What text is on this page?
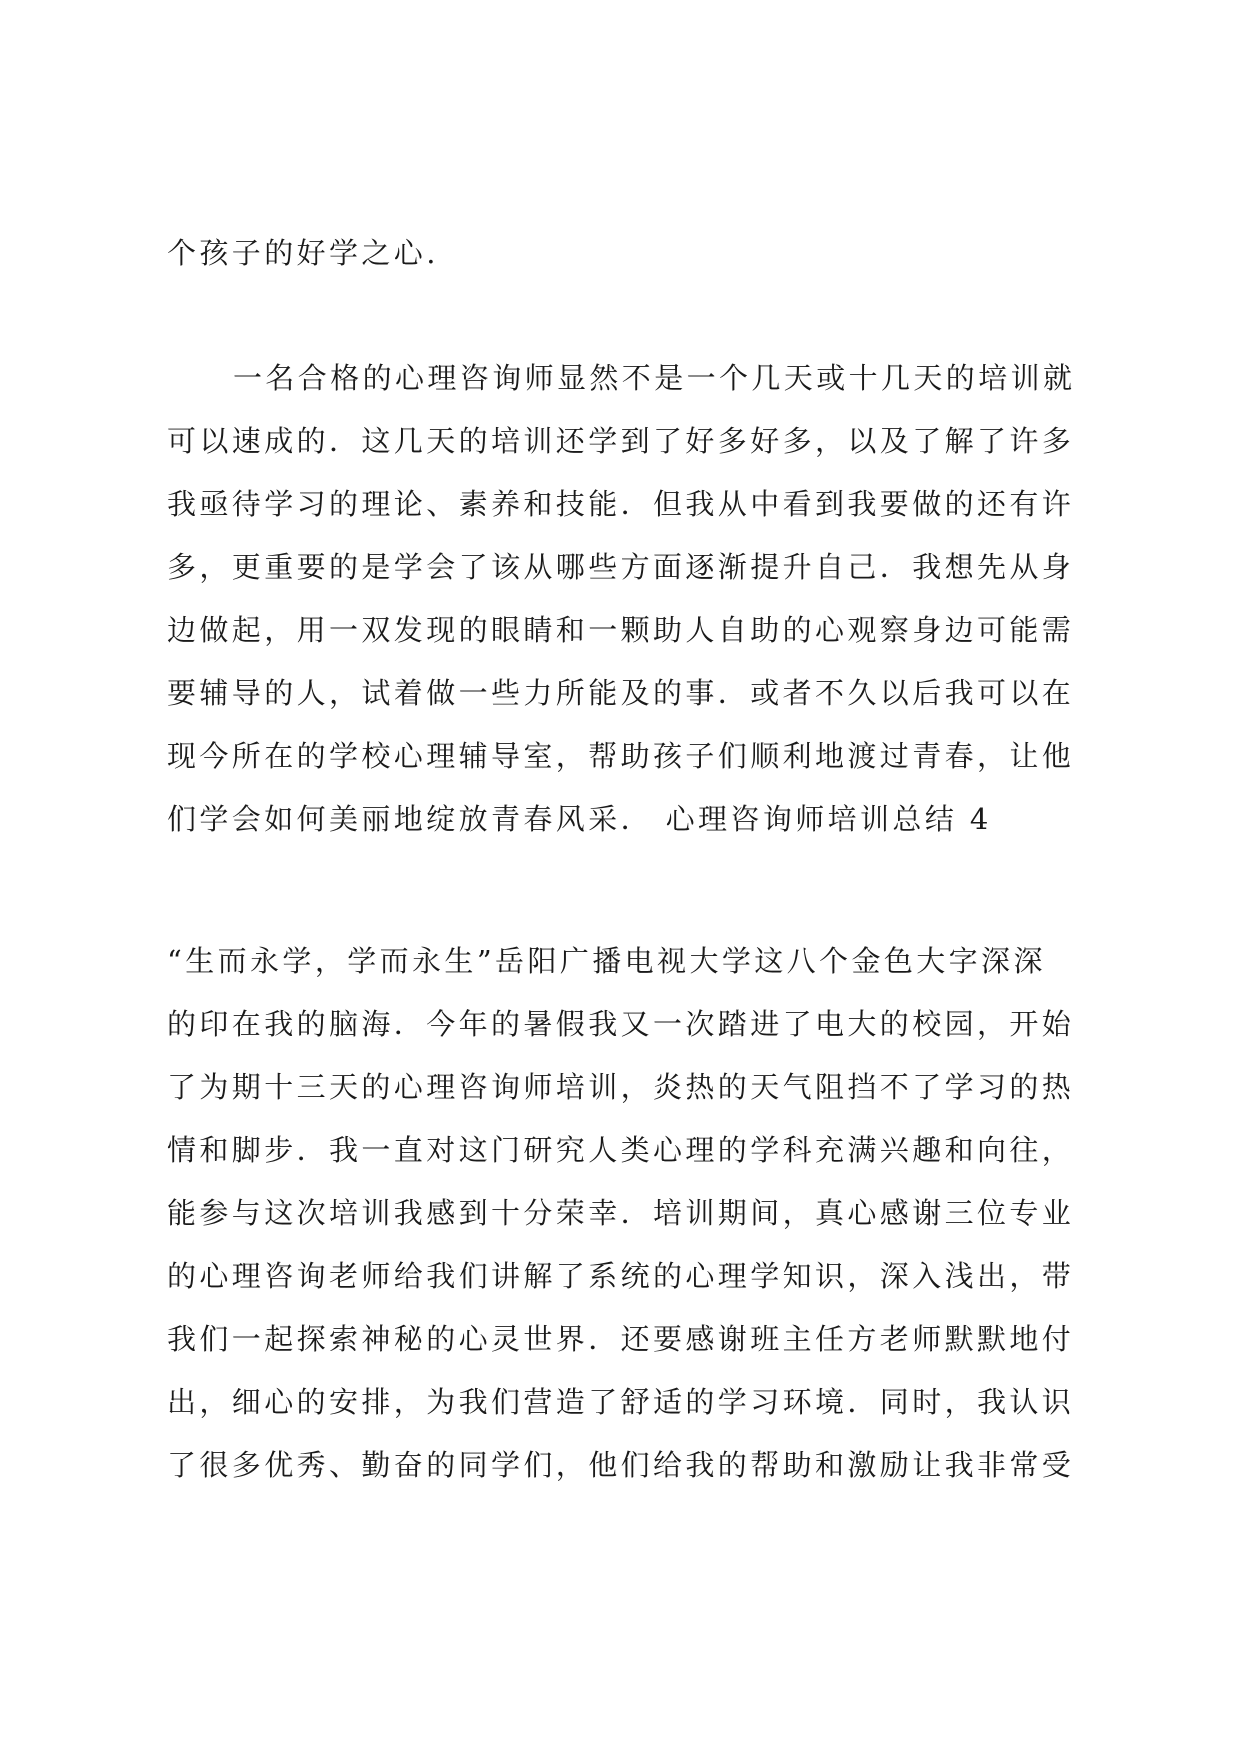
个孩子的好学之心.
一名合格的心理咨询师显然不是一个几天或十几天的培训就
可以速成的．这几天的培训还学到了好多好多，以及了解了许多
我亟待学习的理论、素养和技能．但我从中看到我要做的还有许
多，更重要的是学会了该从哪些方面逐渐提升自己．我想先从身
边做起，用一双发现的眼睛和一颗助人自助的心观察身边可能需
要辅导的人，试着做一些力所能及的事．或者不久以后我可以在
现今所在的学校心理辅导室，帮助孩子们顺利地渡过青春，让他
们学会如何美丽地绽放青春风采． 心理咨询师培训总结 4
“生而永学，学而永生”岳阳广播电视大学这八个金色大字深深
的印在我的脑海．今年的暑假我又一次踏进了电大的校园，开始
了为期十三天的心理咨询师培训，炎热的天气阻挡不了学习的热
情和脚步．我一直对这门研究人类心理的学科充满兴趣和向往，
能参与这次培训我感到十分荣幸．培训期间，真心感谢三位专业
的心理咨询老师给我们讲解了系统的心理学知识，深入浅出，带
我们一起探索神秘的心灵世界．还要感谢班主任方老师默默地付
出，细心的安排，为我们营造了舒适的学习环境．同时，我认识
了很多优秀、勤奋的同学们，他们给我的帮助和激励让我非常受
